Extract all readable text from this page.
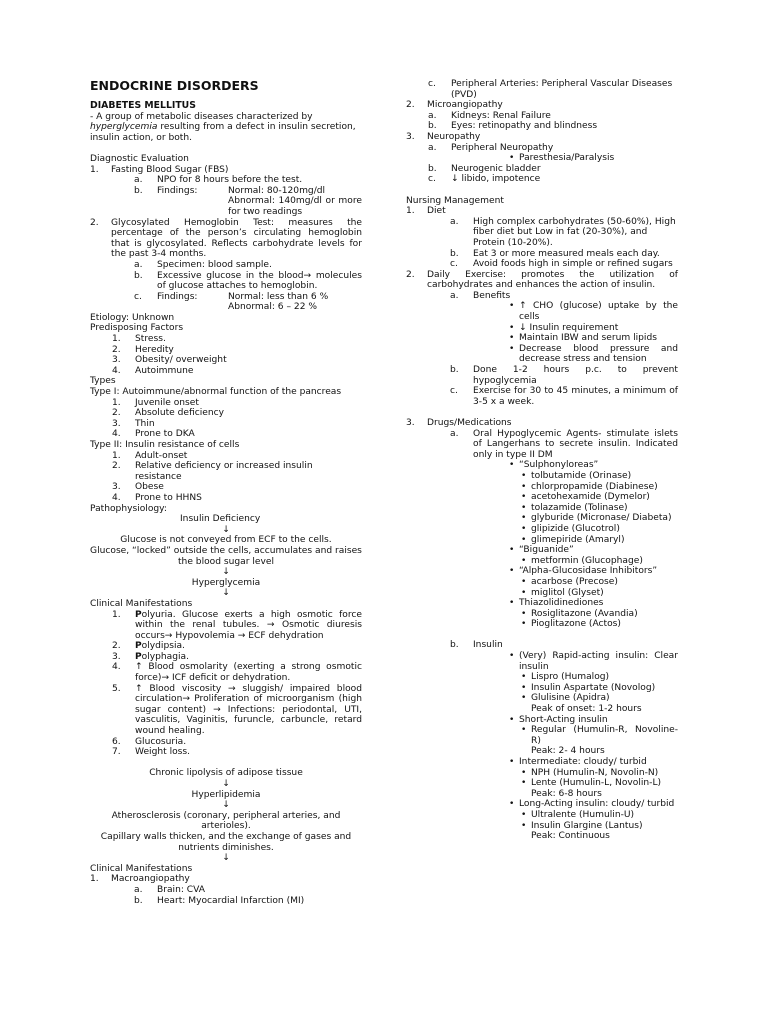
ENDOCRINE DISORDERS
DIABETES MELLITUS

- A group of metabolic diseases characterized by hyperglycemia resulting from a defect in insulin secretion, insulin action, or both.

Diagnostic Evaluation
1.	Fasting Blood Sugar (FBS)
a.	NPO for 8 hours before the test.
b.	Findings:	Normal: 80-120mg/dl
Abnormal: 140mg/dl or more for two readings
2.	Glycosylated Hemoglobin Test: measures the percentage of the person’s circulating hemoglobin that is glycosylated. Reflects carbohydrate levels for the past 3-4 months.
a.	Specimen: blood sample.
b.	Excessive glucose in the blood→ molecules of glucose attaches to hemoglobin.
c.	Findings:	Normal: less than 6 %
Abnormal: 6 – 22 %
Etiology: Unknown
Predisposing Factors
1.	Stress.
2.	Heredity
3.	Obesity/ overweight
4.	Autoimmune
Types
Type I: Autoimmune/abnormal function of the pancreas
1.	Juvenile onset
2.	Absolute deficiency
3.	Thin
4.	Prone to DKA
Type II: Insulin resistance of cells
1.	Adult-onset
2.	Relative deficiency or increased insulin resistance
3.	Obese
4.	Prone to HHNS
Pathophysiology:
Insulin Deficiency
↓
Glucose is not conveyed from ECF to the cells.
Glucose, “locked” outside the cells, accumulates and raises the blood sugar level
↓
Hyperglycemia
↓
Clinical Manifestations
1.	Polyuria. Glucose exerts a high osmotic force within the renal tubules. → Osmotic diuresis occurs→ Hypovolemia → ECF dehydration
2.	Polydipsia.
3.	Polyphagia.
4.	↑ Blood osmolarity (exerting a strong osmotic force)→ ICF deficit or dehydration.
5.	↑ Blood viscosity → sluggish/ impaired blood circulation→ Proliferation of microorganism (high sugar content) → Infections: periodontal, UTI, vasculitis, Vaginitis, furuncle, carbuncle, retard wound healing.
6.	Glucosuria.
7.	Weight loss.
Chronic lipolysis of adipose tissue
↓
Hyperlipidemia
↓
Atherosclerosis (coronary, peripheral arteries, and arterioles).
Capillary walls thicken, and the exchange of gases and nutrients diminishes.
↓
Clinical Manifestations
1.	Macroangiopathy
a.	Brain: CVA
b.	Heart: Myocardial Infarction (MI)
c.	Peripheral Arteries: Peripheral Vascular Diseases (PVD)
2.	Microangiopathy
a.	Kidneys: Renal Failure
b.	Eyes: retinopathy and blindness
3.	Neuropathy
a.	Peripheral Neuropathy
• Paresthesia/Paralysis
b.	Neurogenic bladder
c.	↓ libido, impotence
Nursing Management
1.	Diet
a.	High complex carbohydrates (50-60%), High fiber diet but Low in fat (20-30%), and Protein (10-20%).
b.	Eat 3 or more measured meals each day.
c.	Avoid foods high in simple or refined sugars
2.	Daily Exercise: promotes the utilization of carbohydrates and enhances the action of insulin.
a.	Benefits
• ↑ CHO (glucose) uptake by the cells
• ↓ Insulin requirement
• Maintain IBW and serum lipids
• Decrease blood pressure and decrease stress and tension
b.	Done 1-2 hours p.c. to prevent hypoglycemia
c.	Exercise for 30 to 45 minutes, a minimum of 3-5 x a week.
3.	Drugs/Medications
a.	Oral Hypoglycemic Agents- stimulate islets of Langerhans to secrete insulin. Indicated only in type II DM
• “Sulphonyloreas”
• tolbutamide (Orinase)
• chlorpropamide (Diabinese)
• acetohexamide (Dymelor)
• tolazamide (Tolinase)
• glyburide (Micronase/ Diabeta)
• glipizide (Glucotrol)
• glimepiride (Amaryl)
• “Biguanide”
• metformin (Glucophage)
• “Alpha-Glucosidase Inhibitors”
• acarbose (Precose)
• miglitol (Glyset)
• Thiazolidinediones
• Rosiglitazone (Avandia)
• Pioglitazone (Actos)
b.	Insulin
• (Very) Rapid-acting insulin: Clear insulin
• Lispro (Humalog)
• Insulin Aspartate (Novolog)
• Glulisine (Apidra)
Peak of onset: 1-2 hours
• Short-Acting insulin
• Regular (Humulin-R, Novoline-R)
Peak: 2- 4 hours
• Intermediate: cloudy/ turbid
• NPH (Humulin-N, Novolin-N)
• Lente (Humulin-L, Novolin-L)
Peak: 6-8 hours
• Long-Acting insulin: cloudy/ turbid
• Ultralente (Humulin-U)
• Insulin Glargine (Lantus)
Peak: Continuous
